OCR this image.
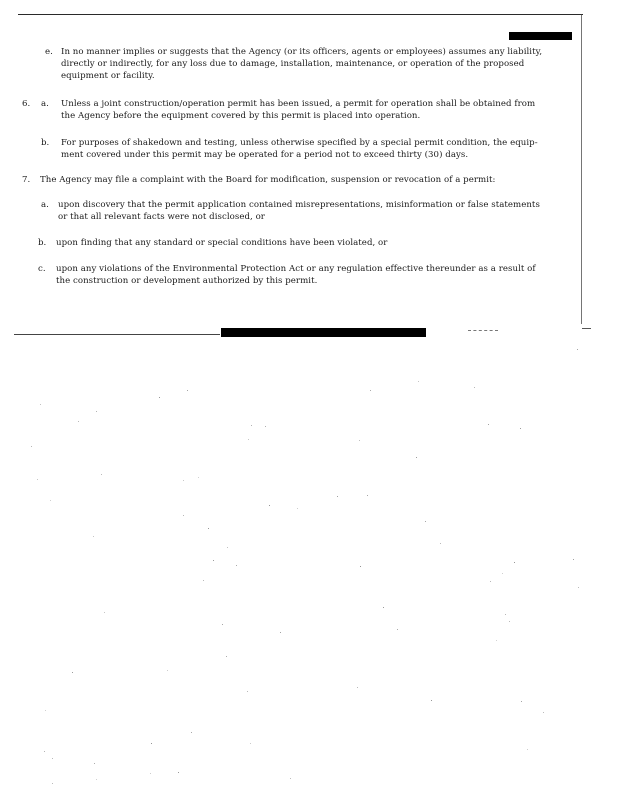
e. In no manner implies or suggests that the Agency (or its officers, agents or employees) assumes any liability,
directly or indirectly, for any loss due to damage, installation, maintenance, or operation of the proposed
equipment or facility.
6. a. Unless a joint construction/operation permit has been issued, a permit for operation shall be obtained from
the Agency before the equipment covered by this permit is placed into operation.
b. For purposes of shakedown and testing, unless otherwise specified by a special permit condition, the equip-
ment covered under this permit may be operated for a period not to exceed thirty (30) days.
7. The Agency may file a complaint with the Board for modification, suspension or revocation of a permit:
a. upon discovery that the permit application contained misrepresentations, misinformation or false statements
or that all relevant facts were not disclosed, or
b. upon finding that any standard or special conditions have been violated, or
c. upon any violations of the Environmental Protection Act or any regulation effective thereunder as a result of
the construction or development authorized by this permit.
